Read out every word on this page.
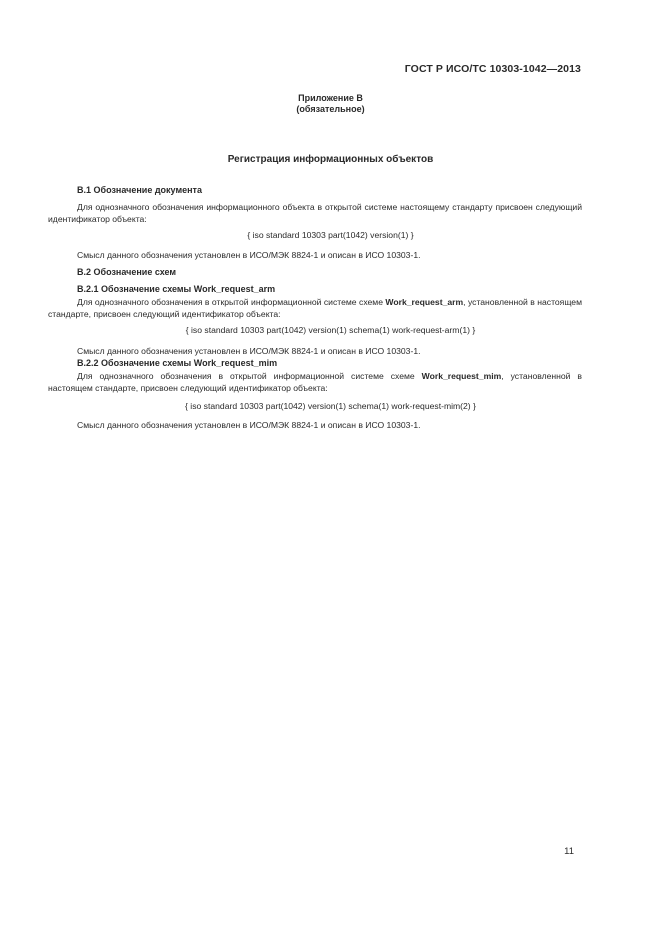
ГОСТ Р ИСО/ТС 10303-1042—2013
Приложение В
(обязательное)
Регистрация информационных объектов
В.1 Обозначение документа
Для однозначного обозначения информационного объекта в открытой системе настоящему стандарту присвоен следующий идентификатор объекта:
{ iso standard 10303 part(1042) version(1) }
Смысл данного обозначения установлен в ИСО/МЭК 8824-1 и описан в ИСО 10303-1.
В.2 Обозначение схем
В.2.1 Обозначение схемы Work_request_arm
Для однозначного обозначения в открытой информационной системе схеме Work_request_arm, установленной в настоящем стандарте, присвоен следующий идентификатор объекта:
{ iso standard 10303 part(1042) version(1) schema(1) work-request-arm(1) }
Смысл данного обозначения установлен в ИСО/МЭК 8824-1 и описан в ИСО 10303-1.
В.2.2 Обозначение схемы Work_request_mim
Для однозначного обозначения в открытой информационной системе схеме Work_request_mim, установленной в настоящем стандарте, присвоен следующий идентификатор объекта:
{ iso standard 10303 part(1042) version(1) schema(1) work-request-mim(2) }
Смысл данного обозначения установлен в ИСО/МЭК 8824-1 и описан в ИСО 10303-1.
11
